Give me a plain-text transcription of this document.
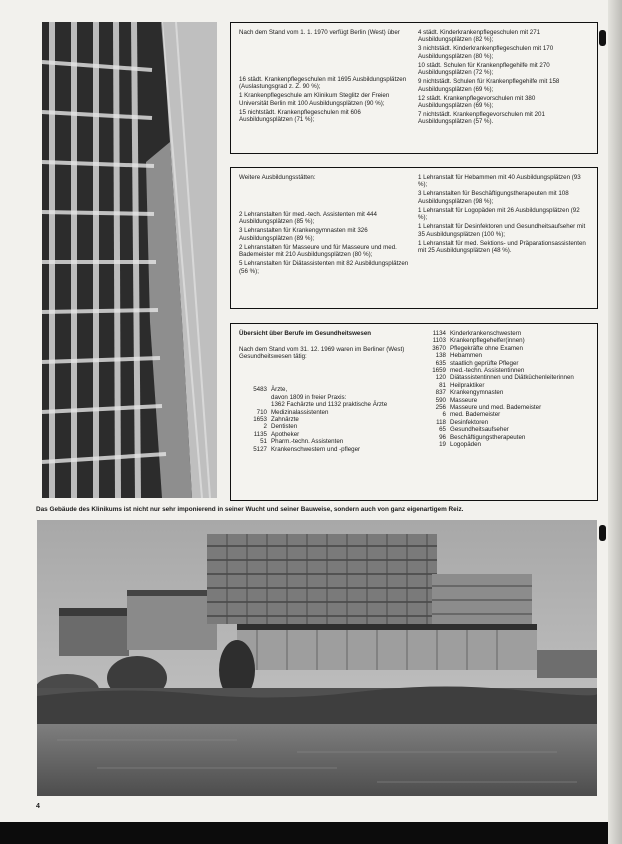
Nach dem Stand vom 1. 1. 1970 verfügt Berlin (West) über

16 städt. Krankenpflegeschulen mit 1695 Ausbildungsplätzen (Auslastungsgrad z. Z. 90 %);

1 Krankenpflegeschule am Klinikum Steglitz der Freien Universität Berlin mit 100 Ausbildungsplätzen (90 %);

15 nichtstädt. Krankenpflegeschulen mit 606 Ausbildungsplätzen (71 %);

4 städt. Kinderkrankenpflegeschulen mit 271 Ausbildungsplätzen (82 %);

3 nichtstädt. Kinderkrankenpflegeschulen mit 170 Ausbildungsplätzen (80 %);

10 städt. Schulen für Krankenpflegehilfe mit 270 Ausbildungsplätzen (72 %);

9 nichtstädt. Schulen für Krankenpflegehilfe mit 158 Ausbildungsplätzen (69 %);

12 städt. Krankenpflegevorschulen mit 380 Ausbildungsplätzen (69 %);

7 nichtstädt. Krankenpflegevorschulen mit 201 Ausbildungsplätzen (57 %).

Weitere Ausbildungsstätten:

2 Lehranstalten für med.-tech. Assistenten mit 444 Ausbildungsplätzen (85 %);

3 Lehranstalten für Krankengymnasten mit 326 Ausbildungsplätzen (89 %);

2 Lehranstalten für Masseure und für Masseure und med. Bademeister mit 210 Ausbildungsplätzen (80 %);

5 Lehranstalten für Diätassistenten mit 82 Ausbildungsplätzen (56 %);

1 Lehranstalt für Hebammen mit 40 Ausbildungsplätzen (93 %);

3 Lehranstalten für Beschäftigungstherapeuten mit 108 Ausbildungsplätzen (98 %);

1 Lehranstalt für Logopäden mit 26 Ausbildungsplätzen (92 %);

1 Lehranstalt für Desinfektoren und Gesundheitsaufseher mit 35 Ausbildungsplätzen (100 %);

1 Lehranstalt für med. Sektions- und Präparationsassistenten mit 25 Ausbildungsplätzen (48 %).

Übersicht über Berufe im Gesundheitswesen

Nach dem Stand vom 31. 12. 1969 waren im Berliner (West) Gesundheitswesen tätig:

5483 Ärzte,
davon 1809 in freier Praxis:
1362 Fachärzte und 1132 praktische Ärzte
710 Medizinalassistenten
1653 Zahnärzte
2 Dentisten
1135 Apotheker
51 Pharm.-techn. Assistenten
5127 Krankenschwestern und -pfleger
1134 Kinderkrankenschwestern
1103 Krankenpflegehelfer(innen)
3670 Pflegekräfte ohne Examen
138 Hebammen
635 staatlich geprüfte Pfleger
1659 med.-techn. Assistentinnen
120 Diätassistentinnen und Diätküchenleiterinnen
81 Heilpraktiker
837 Krankengymnasten
590 Masseure
256 Masseure und med. Bademeister
6 med. Bademeister
118 Desinfektoren
65 Gesundheitsaufseher
96 Beschäftigungstherapeuten
19 Logopäden
Das Gebäude des Klinikums ist nicht nur sehr imponierend in seiner Wucht und seiner Bauweise, sondern auch von ganz eigenartigem Reiz.
4
